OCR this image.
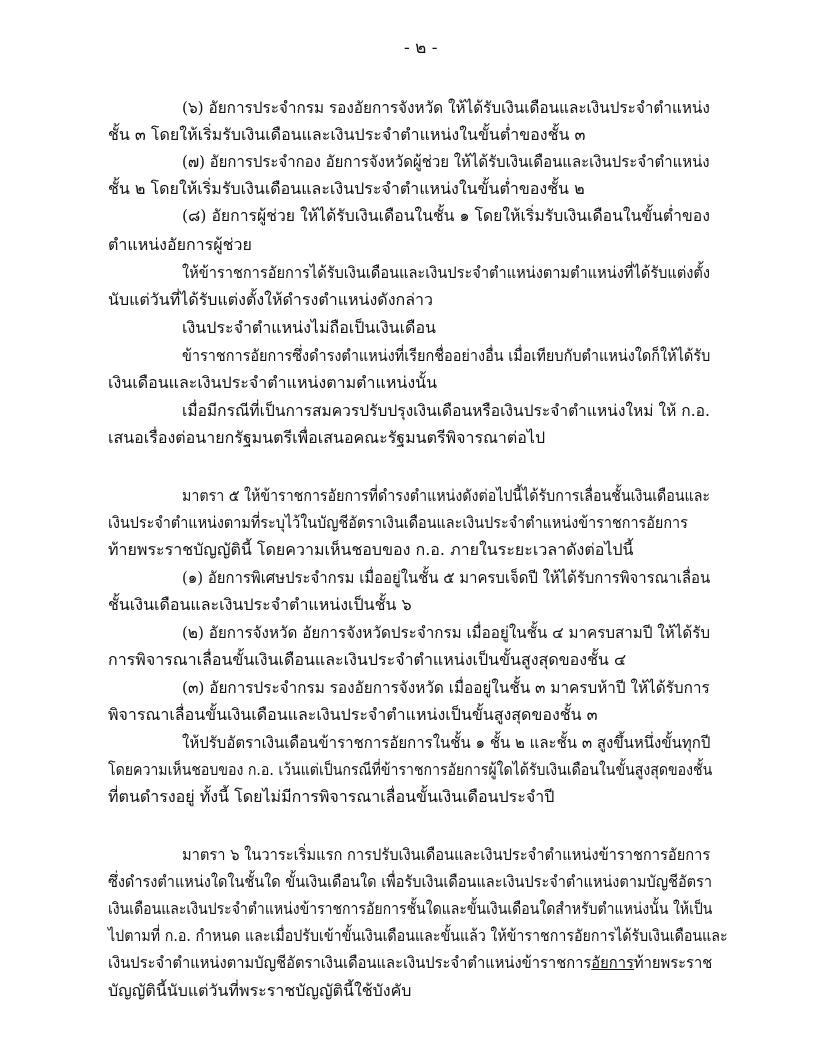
- ๒ -
(๖) อัยการประจำกรม รองอัยการจังหวัด ให้ได้รับเงินเดือนและเงินประจำตำแหน่ง
ชั้น ๓ โดยให้เริ่มรับเงินเดือนและเงินประจำตำแหน่งในขั้นต่ำของชั้น ๓
(๗) อัยการประจำกอง อัยการจังหวัดผู้ช่วย ให้ได้รับเงินเดือนและเงินประจำตำแหน่ง
ชั้น ๒ โดยให้เริ่มรับเงินเดือนและเงินประจำตำแหน่งในขั้นต่ำของชั้น ๒
(๘) อัยการผู้ช่วย ให้ได้รับเงินเดือนในชั้น ๑ โดยให้เริ่มรับเงินเดือนในขั้นต่ำของ
ตำแหน่งอัยการผู้ช่วย
ให้ข้าราชการอัยการได้รับเงินเดือนและเงินประจำตำแหน่งตามตำแหน่งที่ได้รับแต่งตั้ง
นับแต่วันที่ได้รับแต่งตั้งให้ดำรงตำแหน่งดังกล่าว
เงินประจำตำแหน่งไม่ถือเป็นเงินเดือน
ข้าราชการอัยการซึ่งดำรงตำแหน่งที่เรียกชื่ออย่างอื่น เมื่อเทียบกับตำแหน่งใดก็ให้ได้รับ
เงินเดือนและเงินประจำตำแหน่งตามตำแหน่งนั้น
เมื่อมีกรณีที่เป็นการสมควรปรับปรุงเงินเดือนหรือเงินประจำตำแหน่งใหม่ ให้ ก.อ.
เสนอเรื่องต่อนายกรัฐมนตรีเพื่อเสนอคณะรัฐมนตรีพิจารณาต่อไป
มาตรา ๕ ให้ข้าราชการอัยการที่ดำรงตำแหน่งดังต่อไปนี้ได้รับการเลื่อนชั้นเงินเดือนและ
เงินประจำตำแหน่งตามที่ระบุไว้ในบัญชีอัตราเงินเดือนและเงินประจำตำแหน่งข้าราชการอัยการ
ท้ายพระราชบัญญัตินี้ โดยความเห็นชอบของ ก.อ. ภายในระยะเวลาดังต่อไปนี้
(๑) อัยการพิเศษประจำกรม เมื่ออยู่ในชั้น ๕ มาครบเจ็ดปี ให้ได้รับการพิจารณาเลื่อน
ชั้นเงินเดือนและเงินประจำตำแหน่งเป็นชั้น ๖
(๒) อัยการจังหวัด อัยการจังหวัดประจำกรม เมื่ออยู่ในชั้น ๔ มาครบสามปี ให้ได้รับ
การพิจารณาเลื่อนขั้นเงินเดือนและเงินประจำตำแหน่งเป็นขั้นสูงสุดของชั้น ๔
(๓) อัยการประจำกรม รองอัยการจังหวัด เมื่ออยู่ในชั้น ๓ มาครบห้าปี ให้ได้รับการ
พิจารณาเลื่อนขั้นเงินเดือนและเงินประจำตำแหน่งเป็นขั้นสูงสุดของชั้น ๓
ให้ปรับอัตราเงินเดือนข้าราชการอัยการในชั้น ๑ ชั้น ๒ และชั้น ๓ สูงขึ้นหนึ่งขั้นทุกปี
โดยความเห็นชอบของ ก.อ. เว้นแต่เป็นกรณีที่ข้าราชการอัยการผู้ใดได้รับเงินเดือนในขั้นสูงสุดของชั้น
ที่ตนดำรงอยู่ ทั้งนี้ โดยไม่มีการพิจารณาเลื่อนขั้นเงินเดือนประจำปี
มาตรา ๖ ในวาระเริ่มแรก การปรับเงินเดือนและเงินประจำตำแหน่งข้าราชการอัยการ
ซึ่งดำรงตำแหน่งใดในชั้นใด ขั้นเงินเดือนใด เพื่อรับเงินเดือนและเงินประจำตำแหน่งตามบัญชีอัตรา
เงินเดือนและเงินประจำตำแหน่งข้าราชการอัยการชั้นใดและขั้นเงินเดือนใดสำหรับตำแหน่งนั้น ให้เป็น
ไปตามที่ ก.อ. กำหนด และเมื่อปรับเข้าขั้นเงินเดือนและขั้นแล้ว ให้ข้าราชการอัยการได้รับเงินเดือนและ
เงินประจำตำแหน่งตามบัญชีอัตราเงินเดือนและเงินประจำตำแหน่งข้าราชการอัยการท้ายพระราช
บัญญัตินี้นับแต่วันที่พระราชบัญญัตินี้ใช้บังคับ
